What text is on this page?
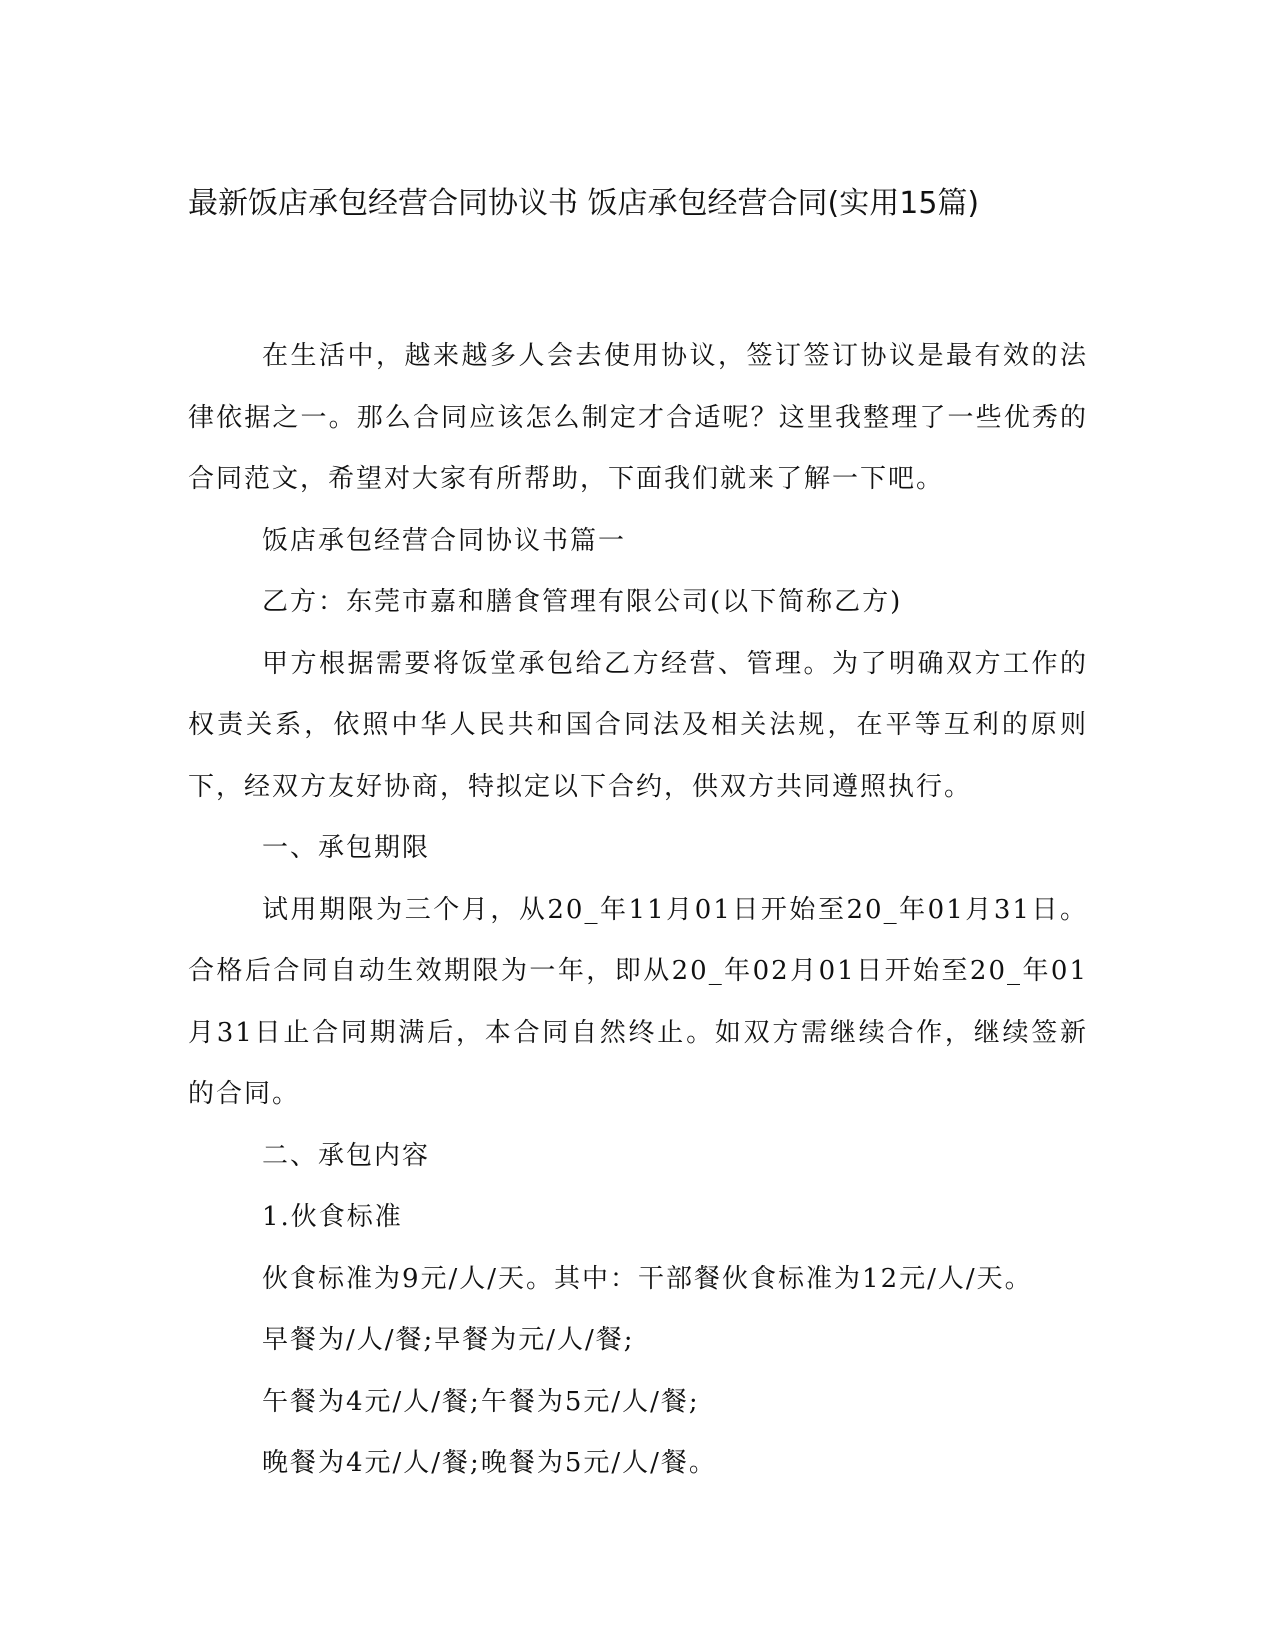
最新饭店承包经营合同协议书 饭店承包经营合同(实用15篇)

在生活中，越来越多人会去使用协议，签订签订协议是最有效的法律依据之一。那么合同应该怎么制定才合适呢？这里我整理了一些优秀的合同范文，希望对大家有所帮助，下面我们就来了解一下吧。

饭店承包经营合同协议书篇一

乙方：东莞市嘉和膳食管理有限公司(以下简称乙方)

甲方根据需要将饭堂承包给乙方经营、管理。为了明确双方工作的权责关系，依照中华人民共和国合同法及相关法规，在平等互利的原则下，经双方友好协商，特拟定以下合约，供双方共同遵照执行。

一、承包期限

试用期限为三个月，从20_年11月01日开始至20_年01月31日。合格后合同自动生效期限为一年，即从20_年02月01日开始至20_年01月31日止合同期满后，本合同自然终止。如双方需继续合作，继续签新的合同。

二、承包内容

1.伙食标准

伙食标准为9元/人/天。其中：干部餐伙食标准为12元/人/天。

早餐为/人/餐;早餐为元/人/餐;

午餐为4元/人/餐;午餐为5元/人/餐;

晚餐为4元/人/餐;晚餐为5元/人/餐。
